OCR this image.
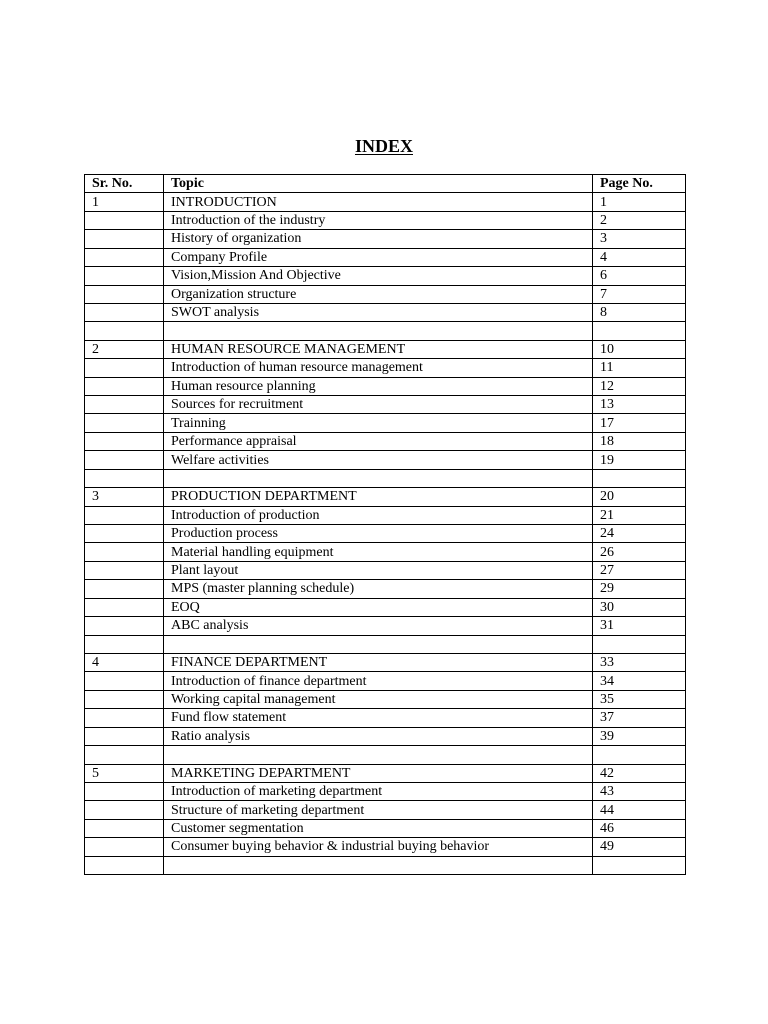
INDEX
Sr. No.	Topic	Page No.
1	INTRODUCTION	1
	Introduction of the industry	2
	History of organization	3
	Company Profile	4
	Vision,Mission And Objective	6
	Organization structure	7
	SWOT analysis	8

2	HUMAN RESOURCE MANAGEMENT	10
	Introduction of human resource management	11
	Human resource planning	12
	Sources for recruitment	13
	Trainning	17
	Performance appraisal	18
	Welfare activities	19

3	PRODUCTION DEPARTMENT	20
	Introduction of production	21
	Production process	24
	Material handling equipment	26
	Plant layout	27
	MPS (master planning schedule)	29
	EOQ	30
	ABC analysis	31

4	FINANCE DEPARTMENT	33
	Introduction of finance department	34
	Working capital management	35
	Fund flow statement	37
	Ratio analysis	39

5	MARKETING DEPARTMENT	42
	Introduction of marketing department	43
	Structure of marketing department	44
	Customer segmentation	46
	Consumer buying behavior & industrial buying behavior	49
